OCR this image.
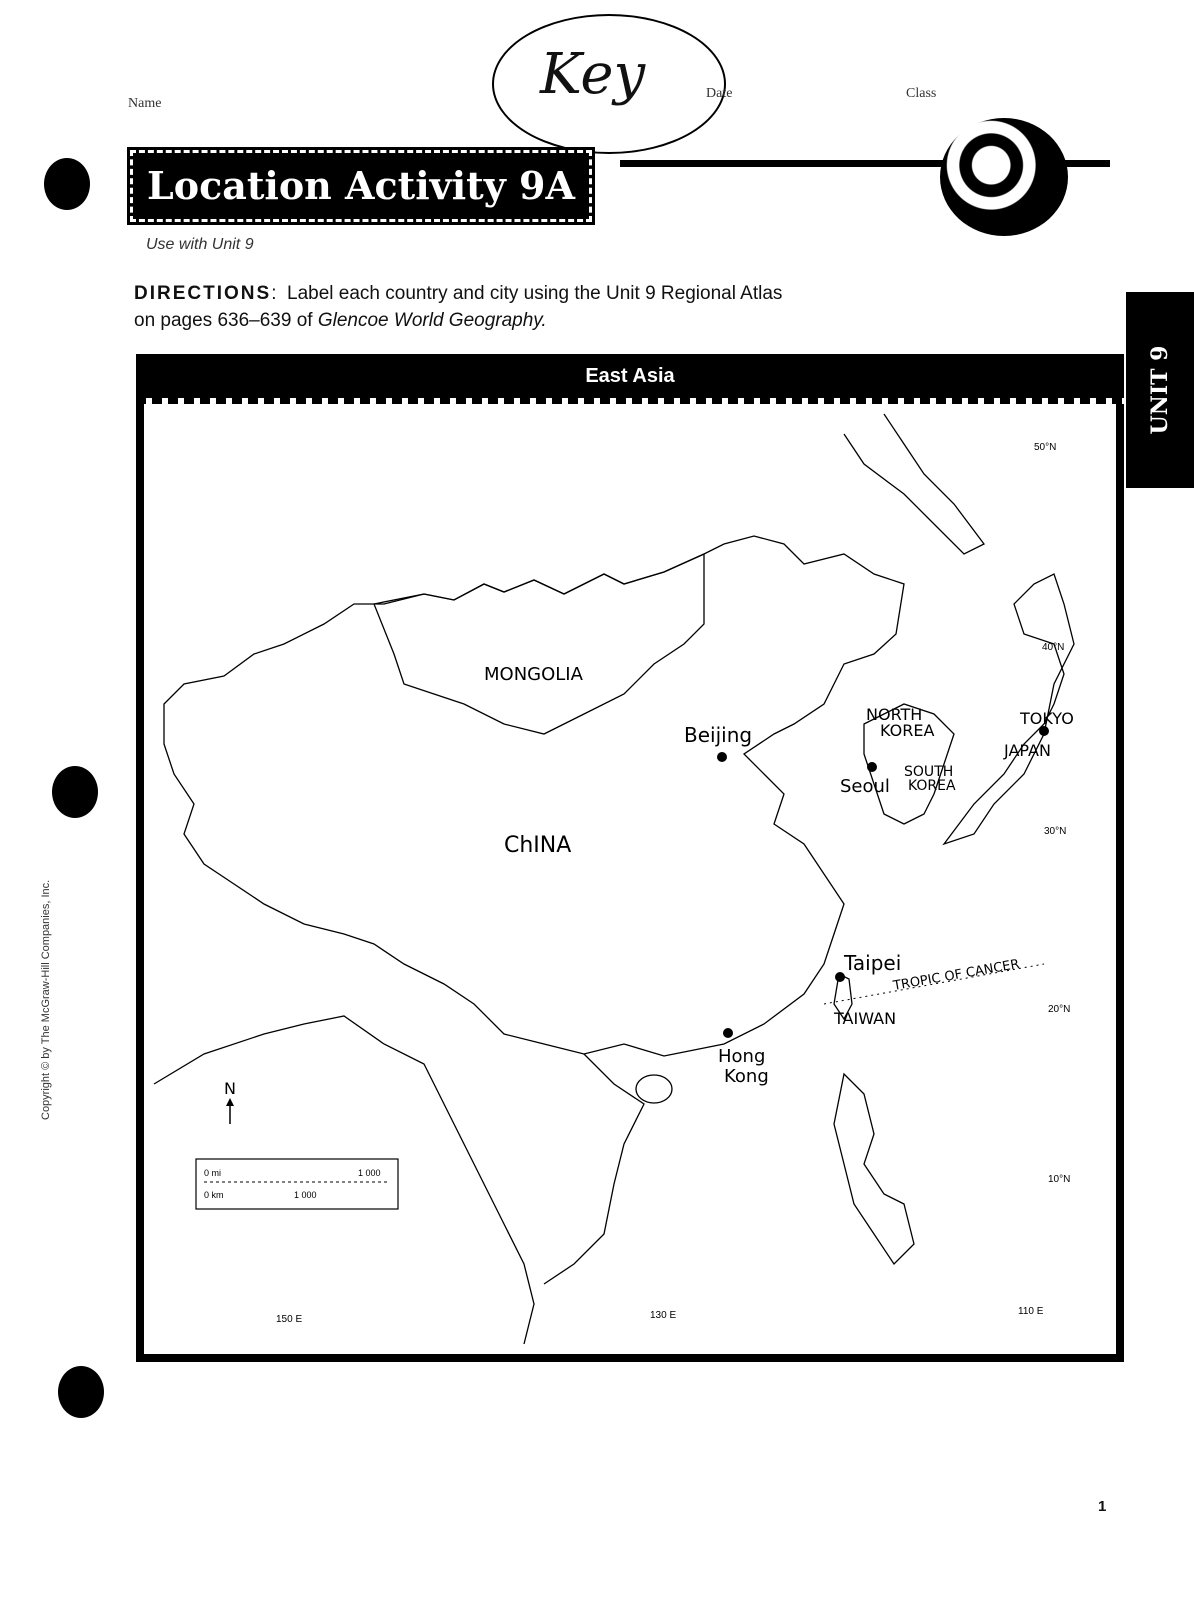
Name	Key	Date	Class
Location Activity 9A
Use with Unit 9
DIRECTIONS:  Label each country and city using the Unit 9 Regional Atlas
on pages 636–639 of Glencoe World Geography.
UNIT 9
East Asia
MONGOLIA
ChINA
Beijing
NORTH
KOREA
Seoul
SOUTH
KOREA
TOKYO
JAPAN
Taipei
TAIWAN
Hong
Kong
TROPIC OF CANCER
50°N
40°N
30°N
20°N
10°N
150 E	130 E	110 E
N
0 mi	1 000
0 km	1 000
Copyright © by The McGraw-Hill Companies, Inc.
1
